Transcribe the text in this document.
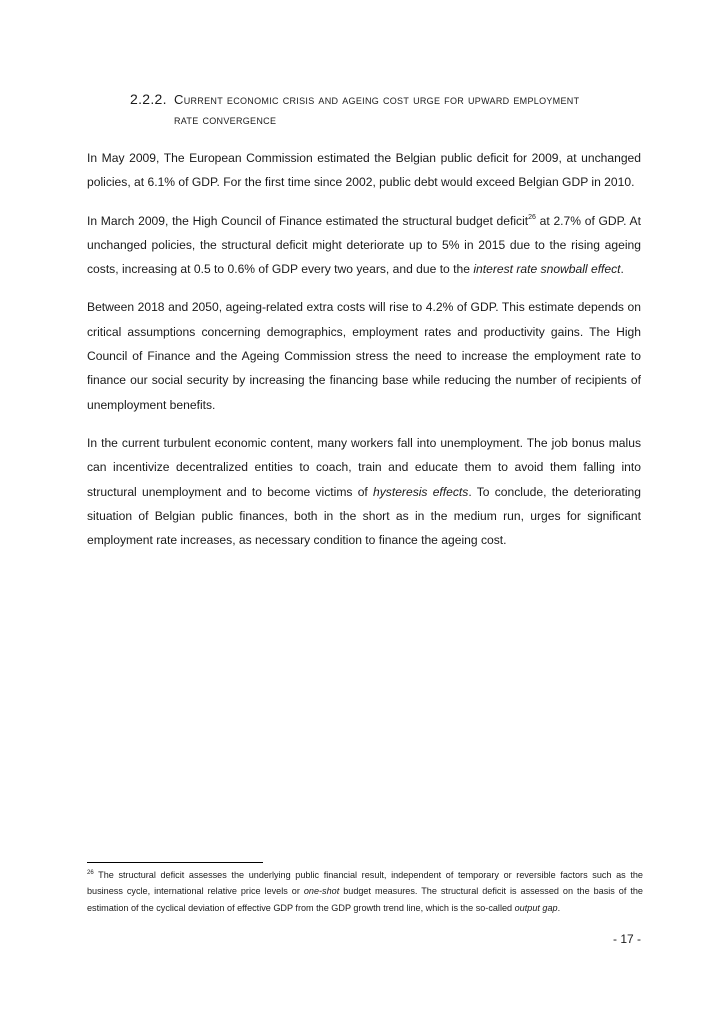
2.2.2. Current economic crisis and ageing cost urge for upward employment
rate convergence

In May 2009, The European Commission estimated the Belgian public deficit for 2009, at unchanged policies, at 6.1% of GDP. For the first time since 2002, public debt would exceed Belgian GDP in 2010.

In March 2009, the High Council of Finance estimated the structural budget deficit$^{26}$ at 2.7% of GDP. At unchanged policies, the structural deficit might deteriorate up to 5% in 2015 due to the rising ageing costs, increasing at 0.5 to 0.6% of GDP every two years, and due to the interest rate snowball effect.

Between 2018 and 2050, ageing-related extra costs will rise to 4.2% of GDP. This estimate depends on critical assumptions concerning demographics, employment rates and productivity gains. The High Council of Finance and the Ageing Commission stress the need to increase the employment rate to finance our social security by increasing the financing base while reducing the number of recipients of unemployment benefits.

In the current turbulent economic content, many workers fall into unemployment. The job bonus malus can incentivize decentralized entities to coach, train and educate them to avoid them falling into structural unemployment and to become victims of hysteresis effects. To conclude, the deteriorating situation of Belgian public finances, both in the short as in the medium run, urges for significant employment rate increases, as necessary condition to finance the ageing cost.

$^{26}$ The structural deficit assesses the underlying public financial result, independent of temporary or reversible factors such as the business cycle, international relative price levels or one-shot budget measures. The structural deficit is assessed on the basis of the estimation of the cyclical deviation of effective GDP from the GDP growth trend line, which is the so-called output gap.
- 17 -
